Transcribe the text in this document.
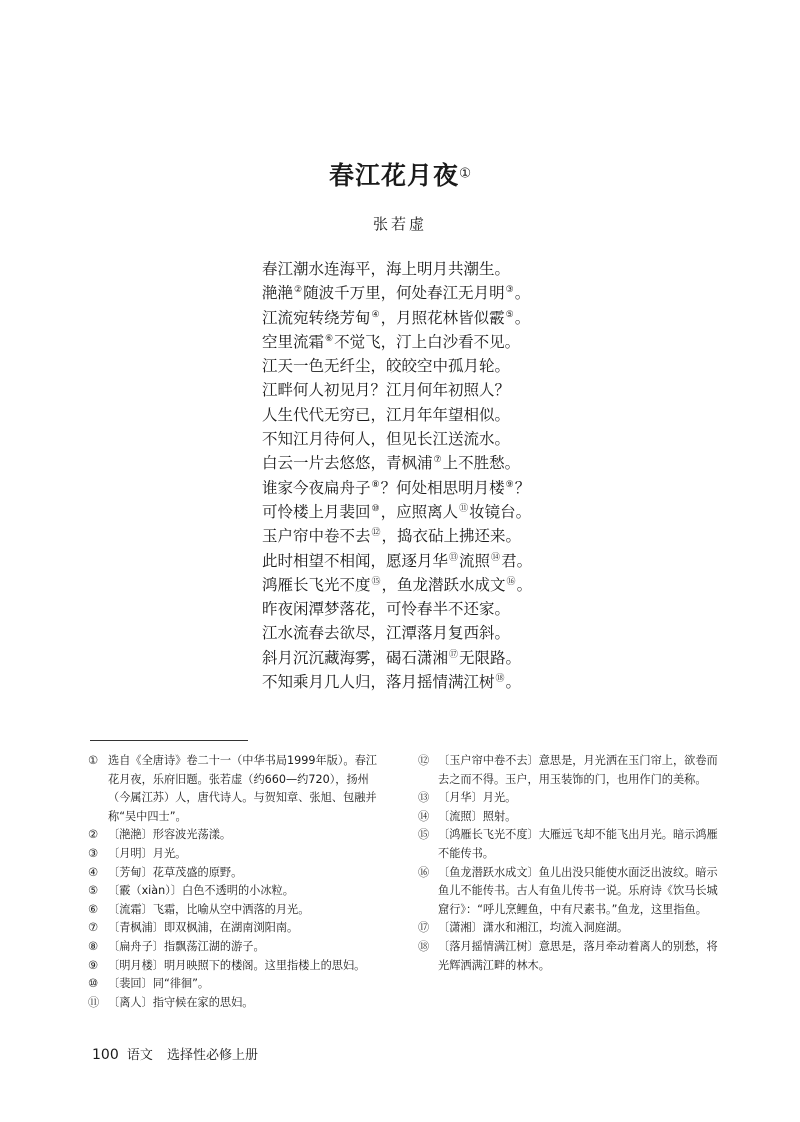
春江花月夜①
张若虚
春江潮水连海平，海上明月共潮生。
滟滟②随波千万里，何处春江无月明③。
江流宛转绕芳甸④，月照花林皆似霰⑤。
空里流霜⑥不觉飞，汀上白沙看不见。
江天一色无纤尘，皎皎空中孤月轮。
江畔何人初见月？江月何年初照人？
人生代代无穷已，江月年年望相似。
不知江月待何人，但见长江送流水。
白云一片去悠悠，青枫浦⑦上不胜愁。
谁家今夜扁舟子⑧？何处相思明月楼⑨？
可怜楼上月裴回⑩，应照离人⑪妆镜台。
玉户帘中卷不去⑫，捣衣砧上拂还来。
此时相望不相闻，愿逐月华⑬流照⑭君。
鸿雁长飞光不度⑮，鱼龙潜跃水成文⑯。
昨夜闲潭梦落花，可怜春半不还家。
江水流春去欲尽，江潭落月复西斜。
斜月沉沉藏海雾，碣石潇湘⑰无限路。
不知乘月几人归，落月摇情满江树⑱。
① 选自《全唐诗》卷二十一（中华书局1999年版）。春江花月夜，乐府旧题。张若虚（约660—约720），扬州（今属江苏）人，唐代诗人。与贺知章、张旭、包融并称“吴中四士”。
② 〔滟滟〕形容波光荡漾。
③ 〔月明〕月光。
④ 〔芳甸〕花草茂盛的原野。
⑤ 〔霰（xiàn）〕白色不透明的小冰粒。
⑥ 〔流霜〕飞霜，比喻从空中洒落的月光。
⑦ 〔青枫浦〕即双枫浦，在湖南浏阳南。
⑧ 〔扁舟子〕指飘荡江湖的游子。
⑨ 〔明月楼〕明月映照下的楼阁。这里指楼上的思妇。
⑩ 〔裴回〕同“徘徊”。
⑪ 〔离人〕指守候在家的思妇。
⑫ 〔玉户帘中卷不去〕意思是，月光洒在玉门帘上，欲卷而去之而不得。玉户，用玉装饰的门，也用作门的美称。
⑬ 〔月华〕月光。
⑭ 〔流照〕照射。
⑮ 〔鸿雁长飞光不度〕大雁远飞却不能飞出月光。暗示鸿雁不能传书。
⑯ 〔鱼龙潜跃水成文〕鱼儿出没只能使水面泛出波纹。暗示鱼儿不能传书。古人有鱼儿传书一说。乐府诗《饮马长城窟行》：“呼儿烹鲤鱼，中有尺素书。”鱼龙，这里指鱼。
⑰ 〔潇湘〕潇水和湘江，均流入洞庭湖。
⑱ 〔落月摇情满江树〕意思是，落月牵动着离人的别愁，将光辉洒满江畔的林木。
100 语文 选择性必修上册
